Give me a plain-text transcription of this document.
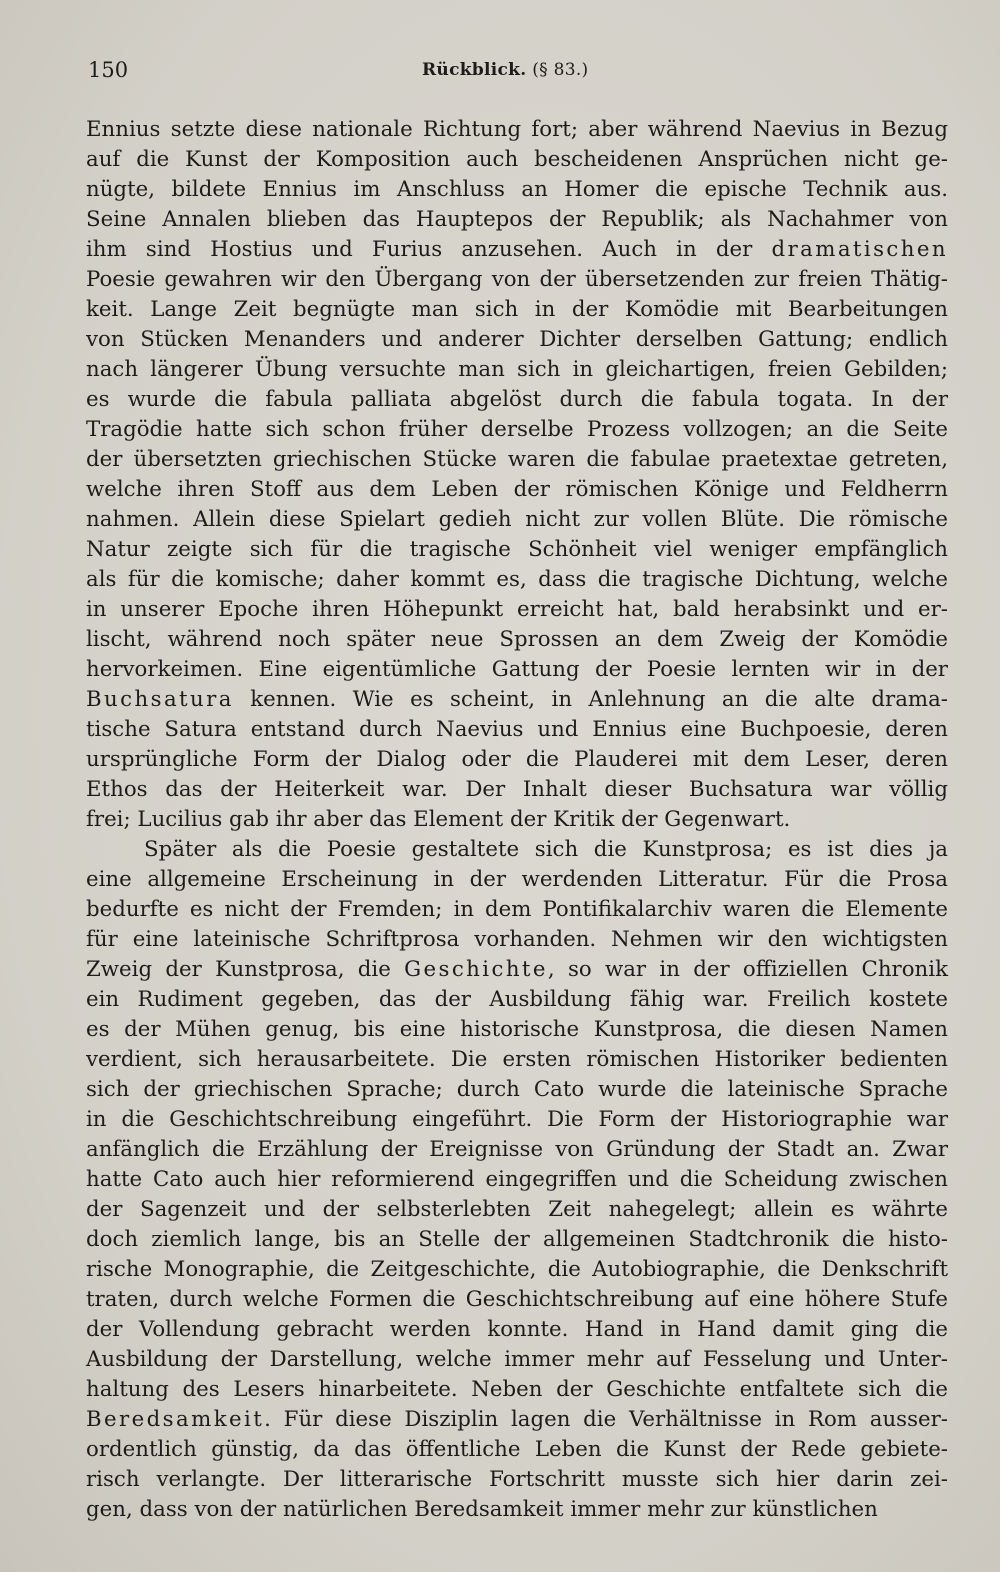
150	Rückblick. (§ 83.)
Ennius setzte diese nationale Richtung fort; aber während Naevius in Bezug
auf die Kunst der Komposition auch bescheidenen Ansprüchen nicht ge-
nügte, bildete Ennius im Anschluss an Homer die epische Technik aus.
Seine Annalen blieben das Hauptepos der Republik; als Nachahmer von
ihm sind Hostius und Furius anzusehen. Auch in der dramatischen
Poesie gewahren wir den Übergang von der übersetzenden zur freien Thätig-
keit. Lange Zeit begnügte man sich in der Komödie mit Bearbeitungen
von Stücken Menanders und anderer Dichter derselben Gattung; endlich
nach längerer Übung versuchte man sich in gleichartigen, freien Gebilden;
es wurde die fabula palliata abgelöst durch die fabula togata. In der
Tragödie hatte sich schon früher derselbe Prozess vollzogen; an die Seite
der übersetzten griechischen Stücke waren die fabulae praetextae getreten,
welche ihren Stoff aus dem Leben der römischen Könige und Feldherrn
nahmen. Allein diese Spielart gedieh nicht zur vollen Blüte. Die römische
Natur zeigte sich für die tragische Schönheit viel weniger empfänglich
als für die komische; daher kommt es, dass die tragische Dichtung, welche
in unserer Epoche ihren Höhepunkt erreicht hat, bald herabsinkt und er-
lischt, während noch später neue Sprossen an dem Zweig der Komödie
hervorkeimen. Eine eigentümliche Gattung der Poesie lernten wir in der
Buchsatura kennen. Wie es scheint, in Anlehnung an die alte drama-
tische Satura entstand durch Naevius und Ennius eine Buchpoesie, deren
ursprüngliche Form der Dialog oder die Plauderei mit dem Leser, deren
Ethos das der Heiterkeit war. Der Inhalt dieser Buchsatura war völlig
frei; Lucilius gab ihr aber das Element der Kritik der Gegenwart.
Später als die Poesie gestaltete sich die Kunstprosa; es ist dies ja
eine allgemeine Erscheinung in der werdenden Litteratur. Für die Prosa
bedurfte es nicht der Fremden; in dem Pontifikalarchiv waren die Elemente
für eine lateinische Schriftprosa vorhanden. Nehmen wir den wichtigsten
Zweig der Kunstprosa, die Geschichte, so war in der offiziellen Chronik
ein Rudiment gegeben, das der Ausbildung fähig war. Freilich kostete
es der Mühen genug, bis eine historische Kunstprosa, die diesen Namen
verdient, sich herausarbeitete. Die ersten römischen Historiker bedienten
sich der griechischen Sprache; durch Cato wurde die lateinische Sprache
in die Geschichtschreibung eingeführt. Die Form der Historiographie war
anfänglich die Erzählung der Ereignisse von Gründung der Stadt an. Zwar
hatte Cato auch hier reformierend eingegriffen und die Scheidung zwischen
der Sagenzeit und der selbsterlebten Zeit nahegelegt; allein es währte
doch ziemlich lange, bis an Stelle der allgemeinen Stadtchronik die histo-
rische Monographie, die Zeitgeschichte, die Autobiographie, die Denkschrift
traten, durch welche Formen die Geschichtschreibung auf eine höhere Stufe
der Vollendung gebracht werden konnte. Hand in Hand damit ging die
Ausbildung der Darstellung, welche immer mehr auf Fesselung und Unter-
haltung des Lesers hinarbeitete. Neben der Geschichte entfaltete sich die
Beredsamkeit. Für diese Disziplin lagen die Verhältnisse in Rom ausser-
ordentlich günstig, da das öffentliche Leben die Kunst der Rede gebiete-
risch verlangte. Der litterarische Fortschritt musste sich hier darin zei-
gen, dass von der natürlichen Beredsamkeit immer mehr zur künstlichen
